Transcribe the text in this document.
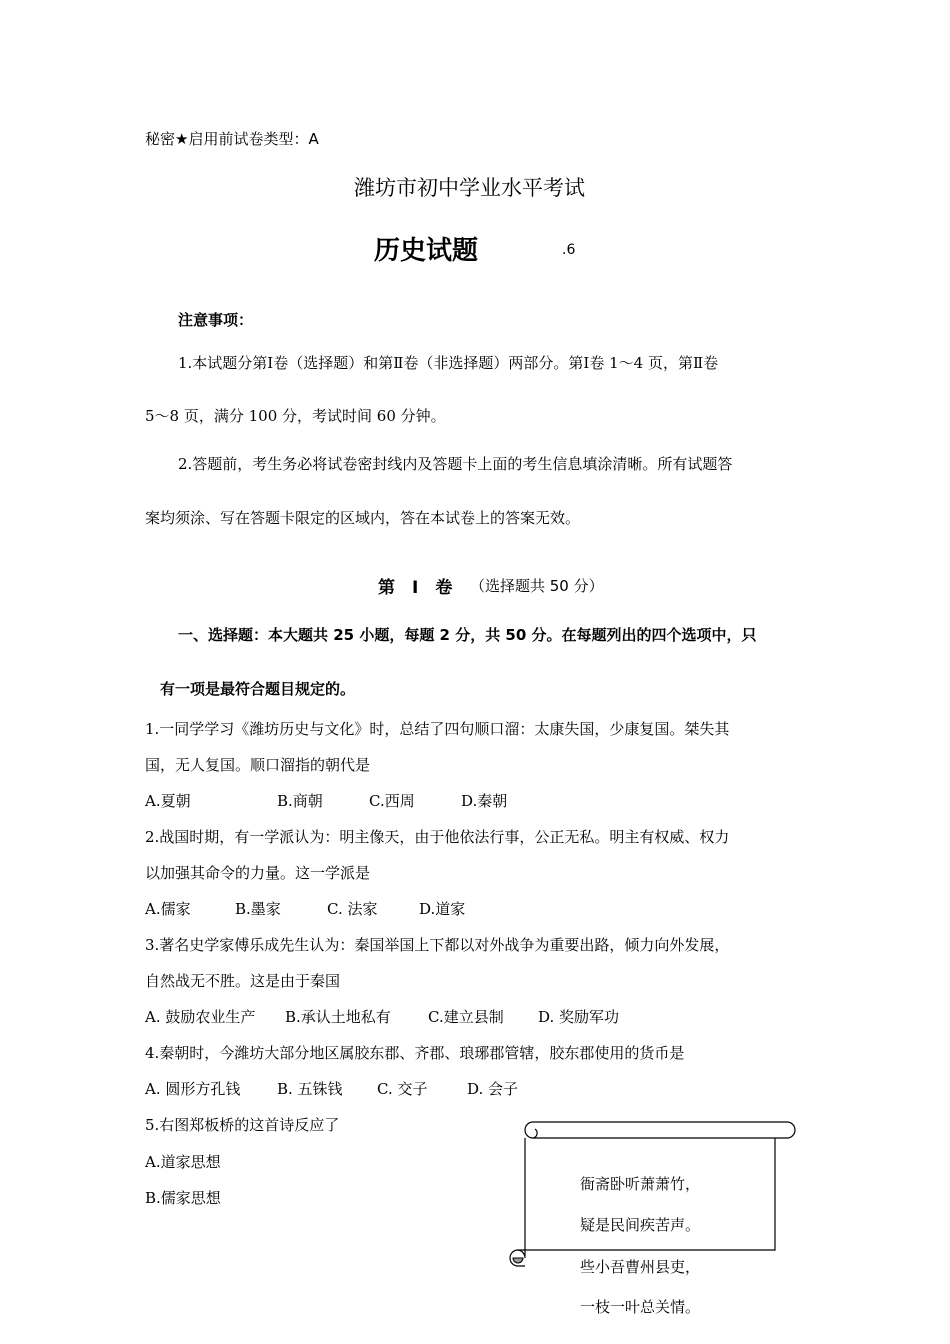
秘密★启用前试卷类型：A
潍坊市初中学业水平考试
历史试题	.6
注意事项：
1.本试题分第Ⅰ卷（选择题）和第Ⅱ卷（非选择题）两部分。第Ⅰ卷 1～4 页，第Ⅱ卷
5～8 页，满分 100 分，考试时间 60 分钟。
2.答题前，考生务必将试卷密封线内及答题卡上面的考生信息填涂清晰。所有试题答
案均须涂、写在答题卡限定的区域内，答在本试卷上的答案无效。
第　Ⅰ　卷 （选择题共 50 分）
一、选择题：本大题共 25 小题，每题 2 分，共 50 分。在每题列出的四个选项中，只
有一项是最符合题目规定的。
1.一同学学习《潍坊历史与文化》时，总结了四句顺口溜：太康失国，少康复国。桀失其
国，无人复国。顺口溜指的朝代是
A.夏朝	B.商朝	C.西周	D.秦朝
2.战国时期，有一学派认为：明主像天，由于他依法行事，公正无私。明主有权威、权力
以加强其命令的力量。这一学派是
A.儒家	B.墨家	C. 法家	D.道家
3.著名史学家傅乐成先生认为：秦国举国上下都以对外战争为重要出路，倾力向外发展，
自然战无不胜。这是由于秦国
A. 鼓励农业生产 B.承认土地私有 C.建立县制 D. 奖励军功
4.秦朝时，今潍坊大部分地区属胶东郡、齐郡、琅琊郡管辖，胶东郡使用的货币是
A. 圆形方孔钱 B. 五铢钱 C. 交子	D. 会子
5.右图郑板桥的这首诗反应了
A.道家思想
B.儒家思想
衙斋卧听萧萧竹，
疑是民间疾苦声。
些小吾曹州县吏，
一枝一叶总关情。
